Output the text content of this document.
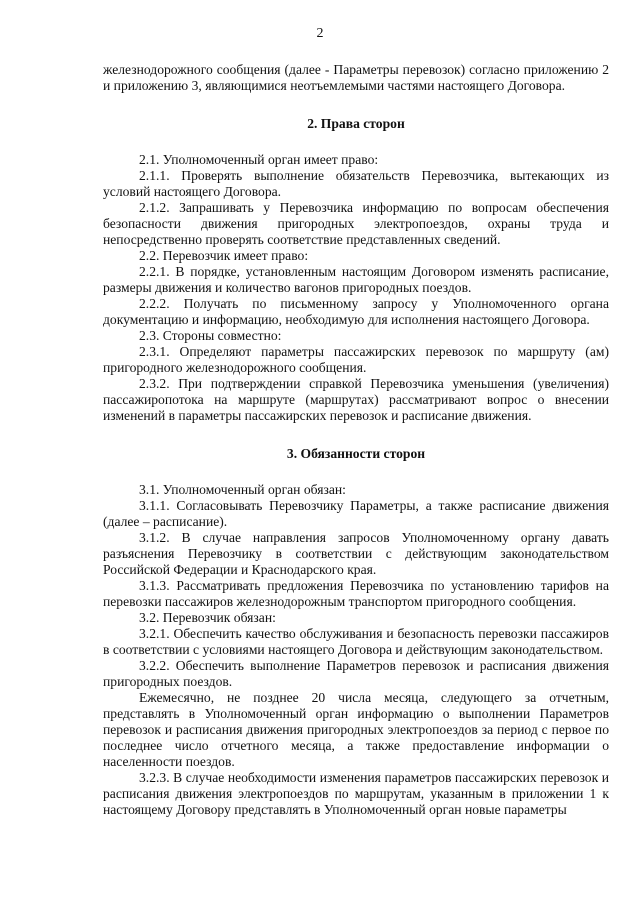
2

железнодорожного сообщения (далее - Параметры перевозок) согласно приложению 2 и приложению 3, являющимися неотъемлемыми частями настоящего Договора.

2. Права сторон

2.1. Уполномоченный орган имеет право:

2.1.1. Проверять выполнение обязательств Перевозчика, вытекающих из условий настоящего Договора.

2.1.2. Запрашивать у Перевозчика информацию по вопросам обеспечения безопасности движения пригородных электропоездов, охраны труда и непосредственно проверять соответствие представленных сведений.

2.2. Перевозчик имеет право:

2.2.1. В порядке, установленным настоящим Договором изменять расписание, размеры движения и количество вагонов пригородных поездов.

2.2.2. Получать по письменному запросу у Уполномоченного органа документацию и информацию, необходимую для исполнения настоящего Договора.

2.3. Стороны совместно:

2.3.1. Определяют параметры пассажирских перевозок по маршруту (ам) пригородного железнодорожного сообщения.

2.3.2. При подтверждении справкой Перевозчика уменьшения (увеличения) пассажиропотока на маршруте (маршрутах) рассматривают вопрос о внесении изменений в параметры пассажирских перевозок и расписание движения.

3. Обязанности сторон

3.1. Уполномоченный орган обязан:

3.1.1. Согласовывать Перевозчику Параметры, а также расписание движения (далее – расписание).

3.1.2. В случае направления запросов Уполномоченному органу давать разъяснения Перевозчику в соответствии с действующим законодательством Российской Федерации и Краснодарского края.

3.1.3. Рассматривать предложения Перевозчика по установлению тарифов на перевозки пассажиров железнодорожным транспортом пригородного сообщения.

3.2. Перевозчик обязан:

3.2.1. Обеспечить качество обслуживания и безопасность перевозки пассажиров в соответствии с условиями настоящего Договора и действующим законодательством.

3.2.2. Обеспечить выполнение Параметров перевозок и расписания движения пригородных поездов.

Ежемесячно, не позднее 20 числа месяца, следующего за отчетным, представлять в Уполномоченный орган информацию о выполнении Параметров перевозок и расписания движения пригородных электропоездов за период с первое по последнее число отчетного месяца, а также предоставление информации о населенности поездов.

3.2.3. В случае необходимости изменения параметров пассажирских перевозок и расписания движения электропоездов по маршрутам, указанным в приложении 1 к настоящему Договору представлять в Уполномоченный орган новые параметры
